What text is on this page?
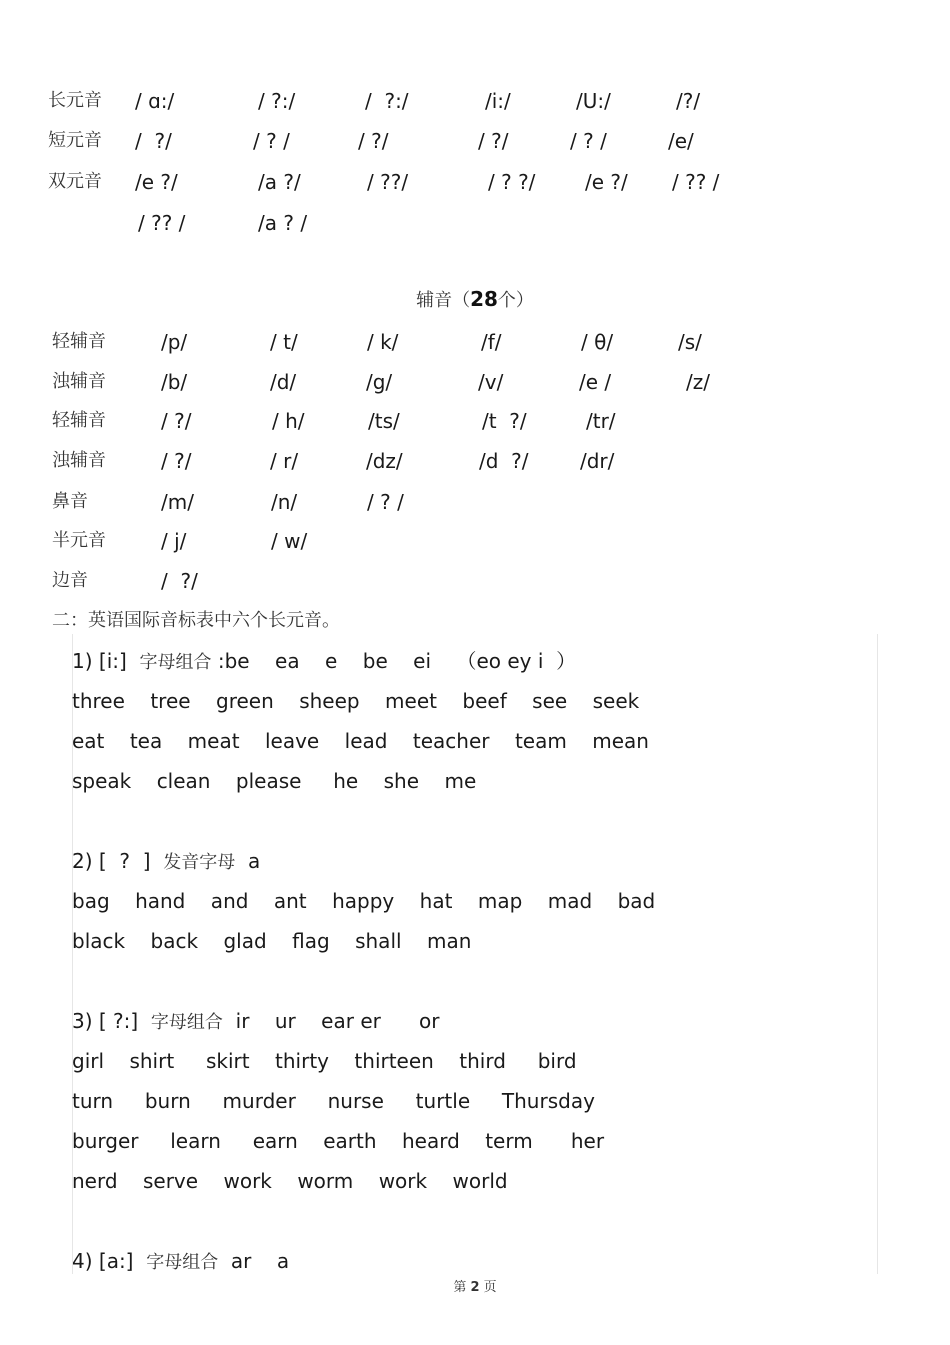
长元音 / ɑ:/	/ ?:/	/  ?:/	/i:/	/U:/	/?/
短元音 /  ?/	/ ? /	/ ?/	/ ?/	/ ? /	/e/
双元音 /e ?/	/a ?/	/ ??/	/ ? ?/ /e ?/ / ?? /
/ ?? /	/a ? /
辅音（28个）
轻辅音	/p/	/ t/	/ k/	/f/	/ θ/	/s/
浊辅音	/b/	/d/	/g/	/v/	/e /	/z/
轻辅音	/ ?/	/ h/	/ts/	/t  ?/	/tr/
浊辅音	/ ?/	/ r/	/dz/	/d  ?/	/dr/
鼻音	/m/	/n/	/ ? /
半元音	/ j/	/ w/
边音	/  ?/
二：英语国际音标表中六个长元音。
1) [i:]  字母组合 :be    ea    e    be    ei    （eo ey i  ）
three    tree    green    sheep    meet    beef    see    seek
eat    tea    meat    leave    lead    teacher    team    mean
speak    clean    please     he    she    me
2) [  ?  ]  发音字母  a
bag    hand    and    ant    happy    hat    map    mad    bad
black    back    glad    flag    shall    man
3) [ ?:]  字母组合  ir    ur    ear er      or
girl    shirt     skirt    thirty    thirteen    third     bird
turn     burn     murder     nurse     turtle     Thursday
burger     learn     earn    earth    heard    term      her
nerd    serve    work    worm    work    world
4) [a:]  字母组合  ar    a
第 2 页
